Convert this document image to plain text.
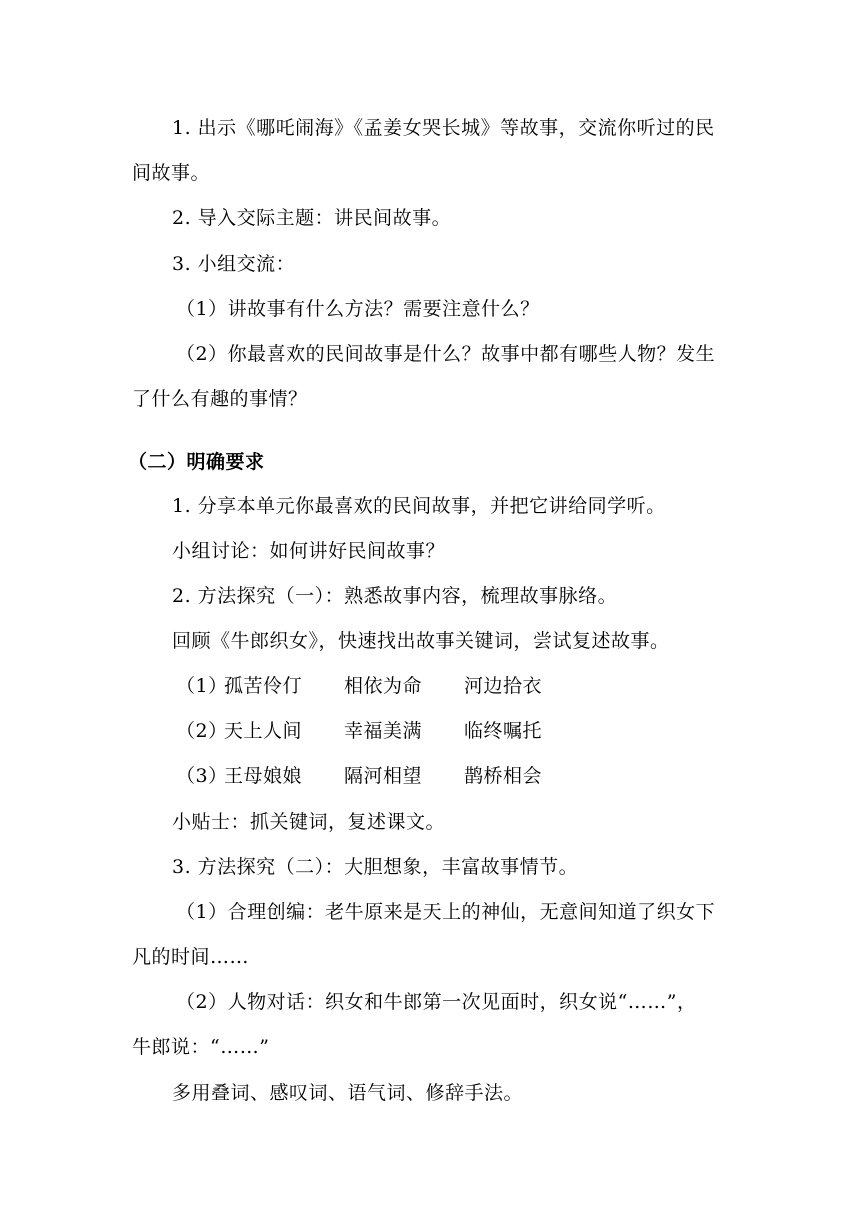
1. 出示《哪吒闹海》《孟姜女哭长城》等故事，交流你听过的民
间故事。
2. 导入交际主题：讲民间故事。
3. 小组交流：
（1）讲故事有什么方法？需要注意什么？
（2）你最喜欢的民间故事是什么？故事中都有哪些人物？发生
了什么有趣的事情？
（二）明确要求
1. 分享本单元你最喜欢的民间故事，并把它讲给同学听。
小组讨论：如何讲好民间故事？
2. 方法探究（一）：熟悉故事内容，梳理故事脉络。
回顾《牛郎织女》，快速找出故事关键词，尝试复述故事。
（1）
孤苦伶仃 相依为命 河边拾衣
（2）
天上人间 幸福美满 临终嘱托
（3）
王母娘娘 隔河相望 鹊桥相会
小贴士：抓关键词，复述课文。
3. 方法探究（二）：大胆想象，丰富故事情节。
（1）合理创编：老牛原来是天上的神仙，无意间知道了织女下
凡的时间……
（2）人物对话：织女和牛郎第一次见面时，织女说“……”，
牛郎说：“……”
多用叠词、感叹词、语气词、修辞手法。
